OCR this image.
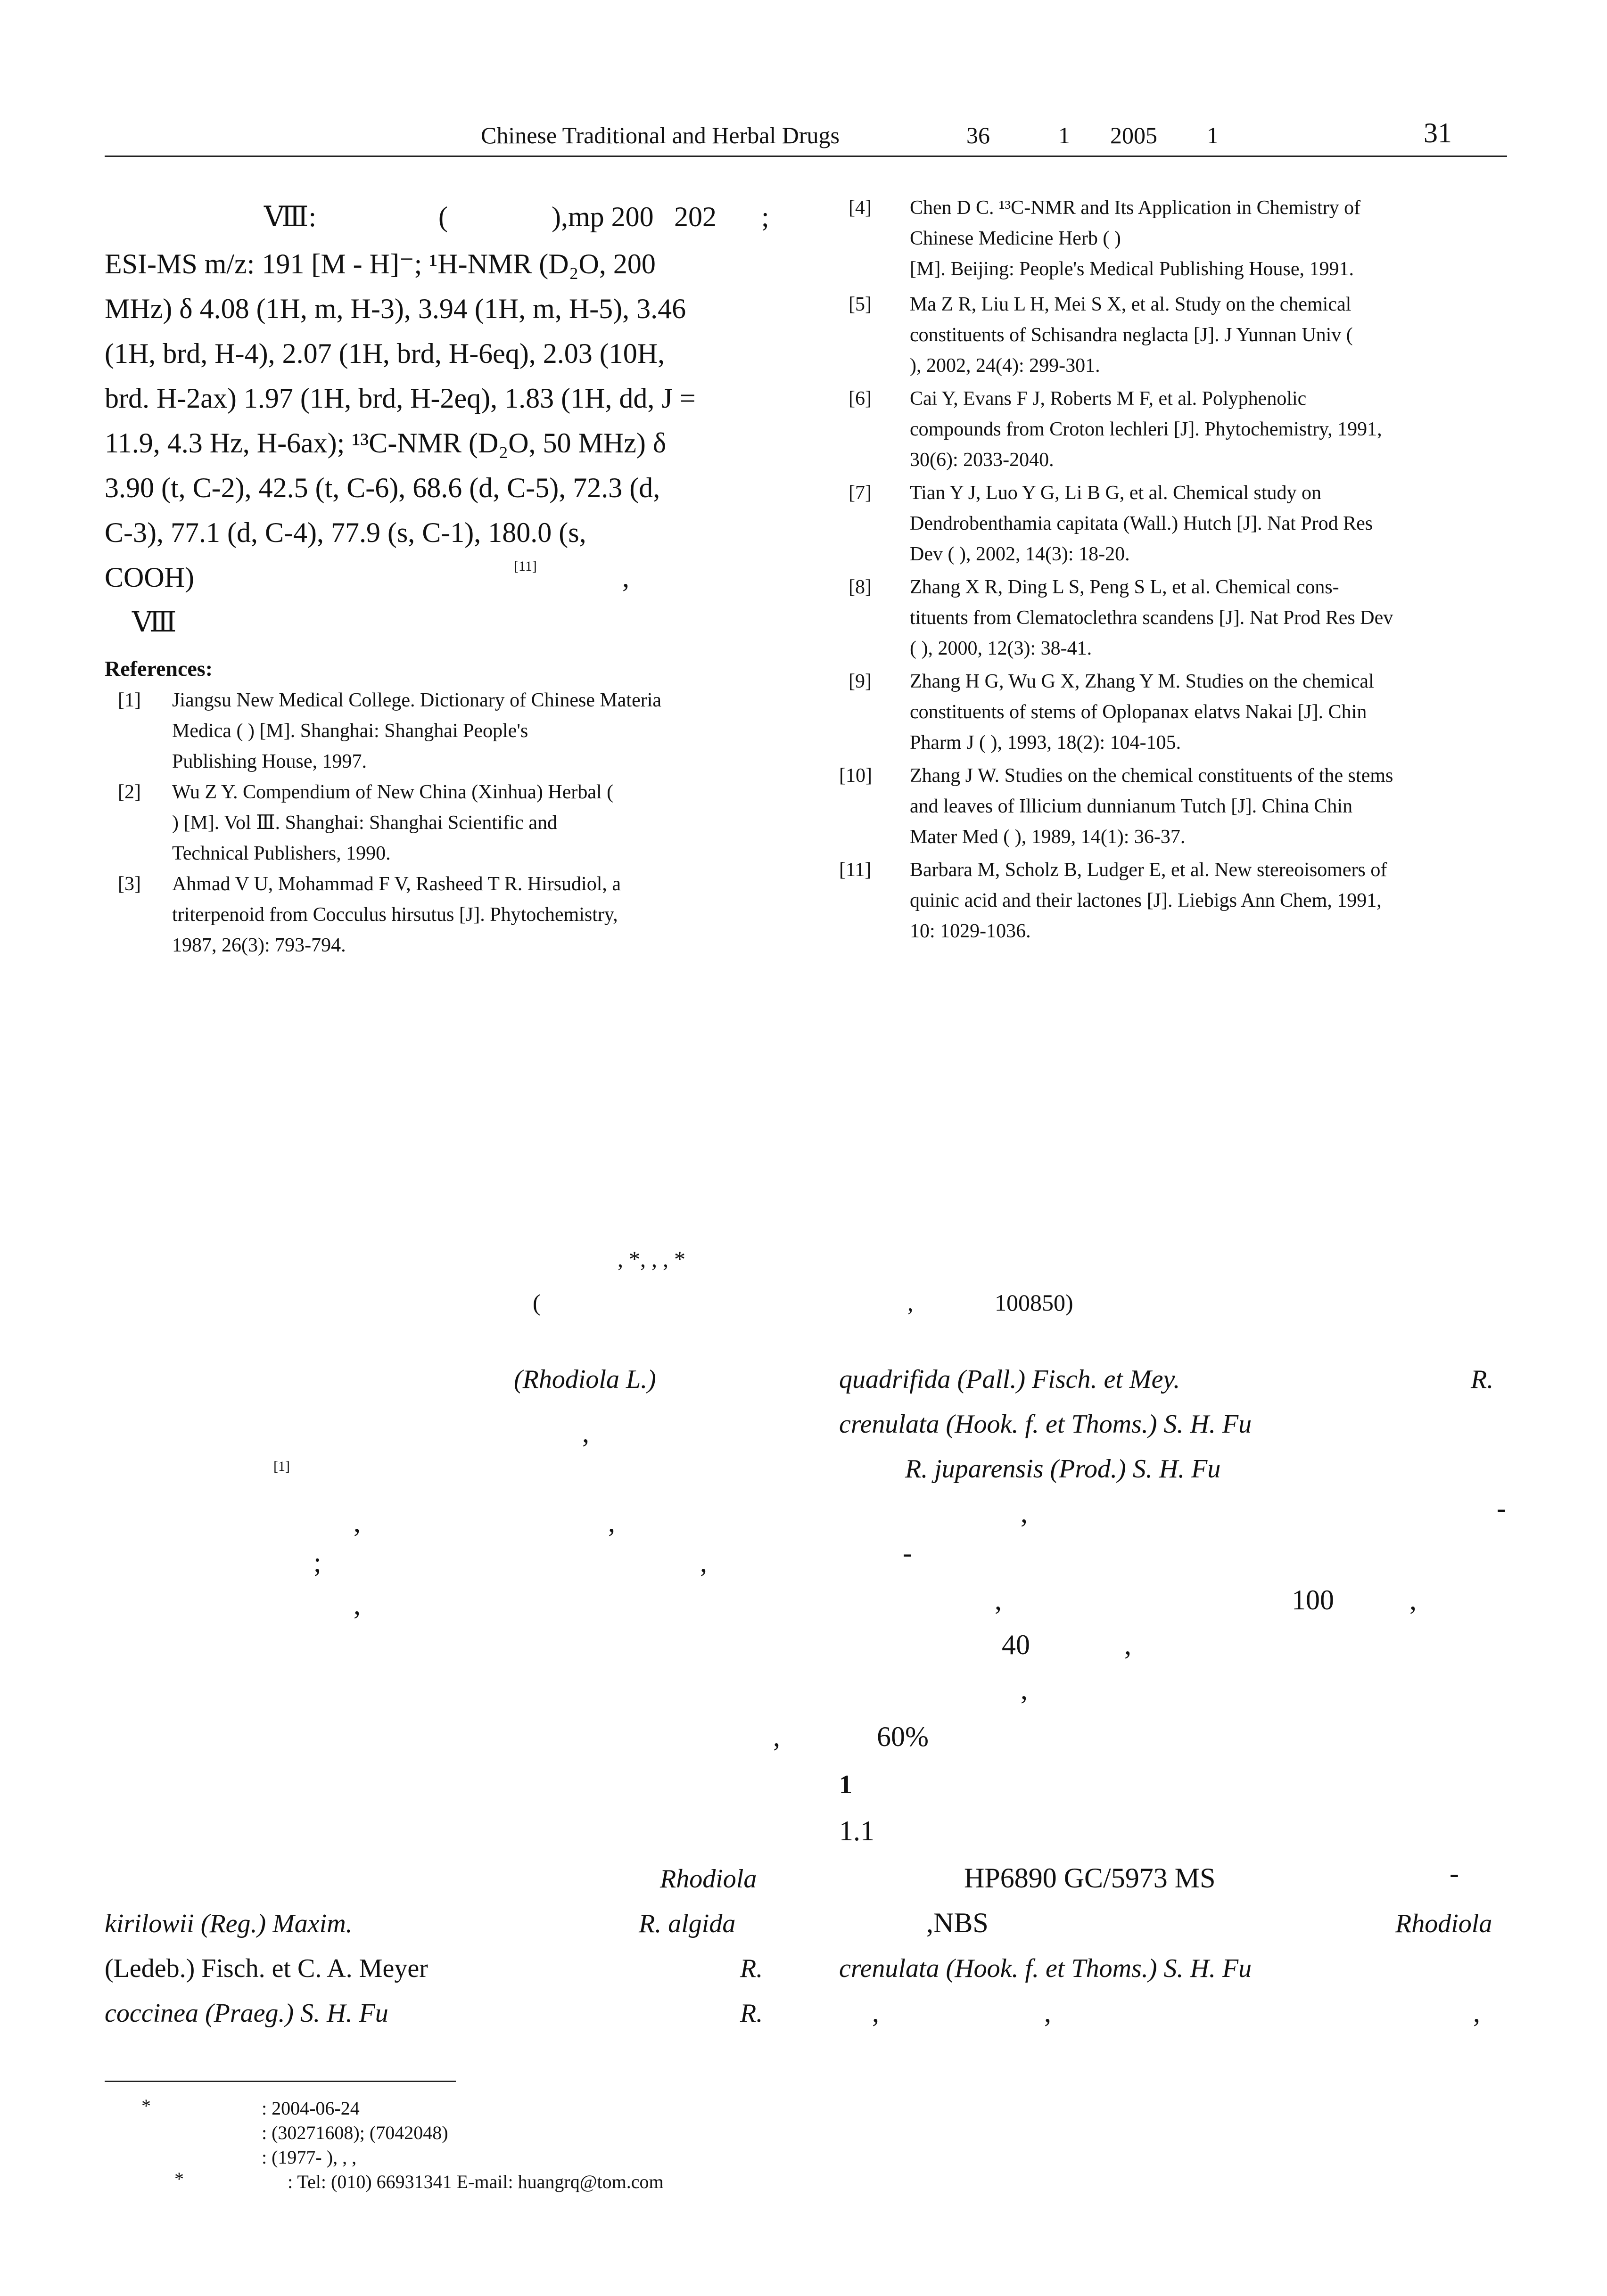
Chinese Traditional and Herbal Drugs	36	1 2005 1	31
Ⅷ:	(	),mp 200 202 ;
ESI-MS m/z: 191 [M - H]⁻; ¹H-NMR (D₂O, 200
MHz) δ 4.08 (1H, m, H-3), 3.94 (1H, m, H-5), 3.46
(1H, brd, H-4), 2.07 (1H, brd, H-6eq), 2.03 (10H,
brd. H-2ax) 1.97 (1H, brd, H-2eq), 1.83 (1H, dd, J =
11.9, 4.3 Hz, H-6ax); ¹³C-NMR (D₂O, 50 MHz) δ
3.90 (t, C-2), 42.5 (t, C-6), 68.6 (d, C-5), 72.3 (d,
C-3), 77.1 (d, C-4), 77.9 (s, C-1), 180.0 (s,
COOH)	[11]	,
Ⅷ
References:
[1] Jiangsu New Medical College. Dictionary of Chinese Materia
Medica ( ) [M]. Shanghai: Shanghai People's
Publishing House, 1997.
[2] Wu Z Y. Compendium of New China (Xinhua) Herbal (
) [M]. Vol Ⅲ. Shanghai: Shanghai Scientific and
Technical Publishers, 1990.
[3] Ahmad V U, Mohammad F V, Rasheed T R. Hirsudiol, a
triterpenoid from Cocculus hirsutus [J]. Phytochemistry,
1987, 26(3): 793-794.
[4] Chen D C. ¹³C-NMR and Its Application in Chemistry of
Chinese Medicine Herb ( )
[M]. Beijing: People's Medical Publishing House, 1991.
[5] Ma Z R, Liu L H, Mei S X, et al. Study on the chemical
constituents of Schisandra neglacta [J]. J Yunnan Univ (
), 2002, 24(4): 299-301.
[6] Cai Y, Evans F J, Roberts M F, et al. Polyphenolic
compounds from Croton lechleri [J]. Phytochemistry, 1991,
30(6): 2033-2040.
[7] Tian Y J, Luo Y G, Li B G, et al. Chemical study on
Dendrobenthamia capitata (Wall.) Hutch [J]. Nat Prod Res
Dev ( ), 2002, 14(3): 18-20.
[8] Zhang X R, Ding L S, Peng S L, et al. Chemical cons-
tituents from Clematoclethra scandens [J]. Nat Prod Res Dev
( ), 2000, 12(3): 38-41.
[9] Zhang H G, Wu G X, Zhang Y M. Studies on the chemical
constituents of stems of Oplopanax elatvs Nakai [J]. Chin
Pharm J ( ), 1993, 18(2): 104-105.
[10] Zhang J W. Studies on the chemical constituents of the stems
and leaves of Illicium dunnianum Tutch [J]. China Chin
Mater Med ( ), 1989, 14(1): 36-37.
[11] Barbara M, Scholz B, Ludger E, et al. New stereoisomers of
quinic acid and their lactones [J]. Liebigs Ann Chem, 1991,
10: 1029-1036.
, *, , , *
(	,	100850)
(Rhodiola L.)
,
[1]
,	,
;	,
,
,
Rhodiola
kirilowii (Reg.) Maxim.	R. algida
(Ledeb.) Fisch. et C. A. Meyer	R.
coccinea (Praeg.) S. H. Fu	R.
quadrifida (Pall.) Fisch. et Mey.	R.
crenulata (Hook. f. et Thoms.) S. H. Fu
R. juparensis (Prod.) S. H. Fu
,	-
-
,	100	,
40	,
,
60%
1
1.1
HP6890 GC/5973 MS	-
,NBS	Rhodiola
crenulata (Hook. f. et Thoms.) S. H. Fu
,	,	,
*	: 2004-06-24
: (30271608); (7042048)
: (1977- ), , ,
*	: Tel: (010) 66931341 E-mail: huangrq@tom.com
